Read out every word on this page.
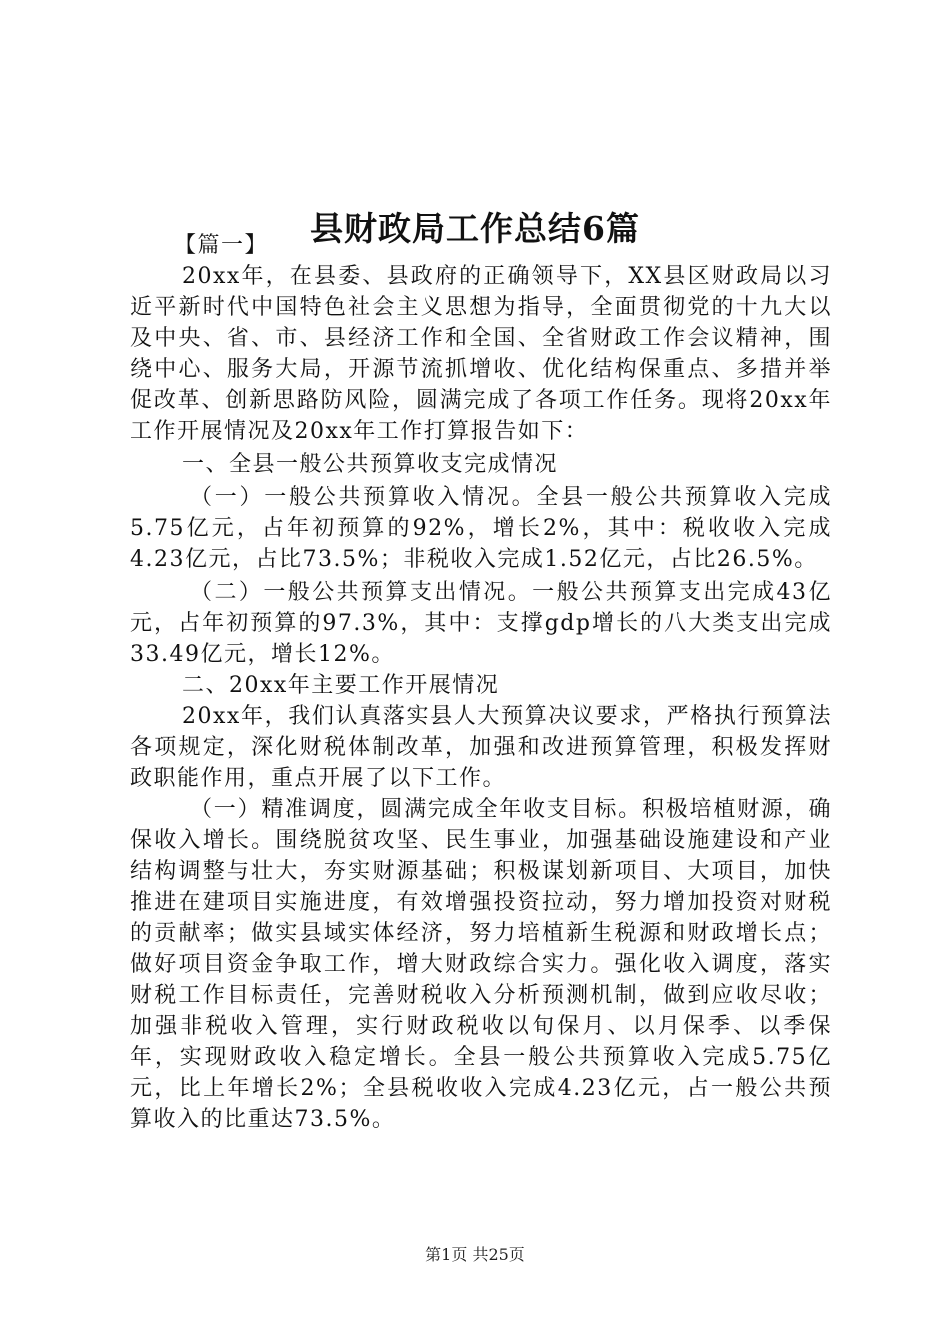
县财政局工作总结6篇

【篇一】

20xx年，在县委、县政府的正确领导下，XX县区财政局以习近平新时代中国特色社会主义思想为指导，全面贯彻党的十九大以及中央、省、市、县经济工作和全国、全省财政工作会议精神，围绕中心、服务大局，开源节流抓增收、优化结构保重点、多措并举促改革、创新思路防风险，圆满完成了各项工作任务。现将20xx年工作开展情况及20xx年工作打算报告如下：

一、全县一般公共预算收支完成情况

（一）一般公共预算收入情况。全县一般公共预算收入完成5.75亿元，占年初预算的92%，增长2%，其中：税收收入完成4.23亿元，占比73.5%；非税收入完成1.52亿元，占比26.5%。

（二）一般公共预算支出情况。一般公共预算支出完成43亿元，占年初预算的97.3%，其中：支撑gdp增长的八大类支出完成33.49亿元，增长12%。

二、20xx年主要工作开展情况

20xx年，我们认真落实县人大预算决议要求，严格执行预算法各项规定，深化财税体制改革，加强和改进预算管理，积极发挥财政职能作用，重点开展了以下工作。

（一）精准调度，圆满完成全年收支目标。积极培植财源，确保收入增长。围绕脱贫攻坚、民生事业，加强基础设施建设和产业结构调整与壮大，夯实财源基础；积极谋划新项目、大项目，加快推进在建项目实施进度，有效增强投资拉动，努力增加投资对财税的贡献率；做实县域实体经济，努力培植新生税源和财政增长点；做好项目资金争取工作，增大财政综合实力。强化收入调度，落实财税工作目标责任，完善财税收入分析预测机制，做到应收尽收；加强非税收入管理，实行财政税收以旬保月、以月保季、以季保年，实现财政收入稳定增长。全县一般公共预算收入完成5.75亿元，比上年增长2%；全县税收收入完成4.23亿元，占一般公共预算收入的比重达73.5%。

第1页 共25页
